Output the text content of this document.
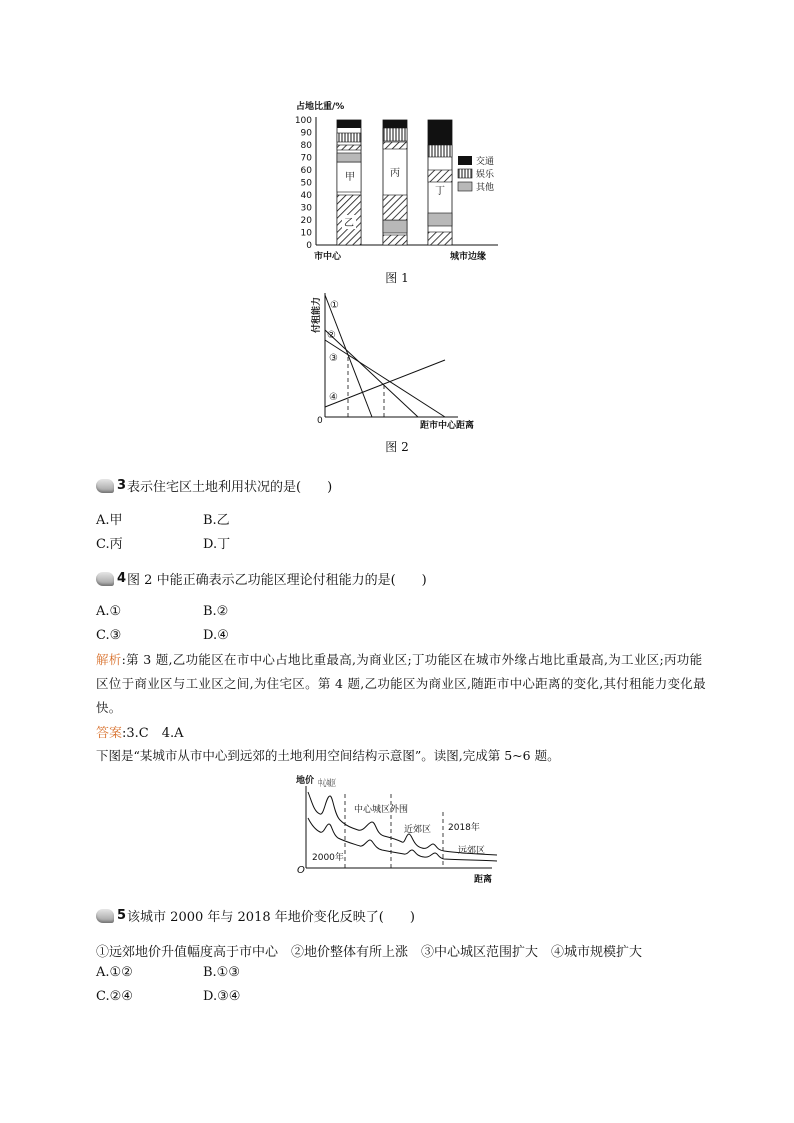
占地比重/%
100
90
80
70
60
50
40
30
20
10
0
甲
乙
丙
丁
交通
娱乐
其他
市中心	城市边缘
图 1
付租能力
0
①
②
③
④
距市中心距离
图 2
3 表示住宅区土地利用状况的是(　　)
A.甲	B.乙
C.丙	D.丁
4 图 2 中能正确表示乙功能区理论付租能力的是(　　)
A.①	B.②
C.③	D.④
解析:第 3 题,乙功能区在市中心占地比重最高,为商业区;丁功能区在城市外缘占地比重最高,为工业区;丙功能区位于商业区与工业区之间,为住宅区。第 4 题,乙功能区为商业区,随距市中心距离的变化,其付租能力变化最快。
答案:3.C　4.A
下图是“某城市从市中心到远郊的土地利用空间结构示意图”。读图,完成第 5~6 题。
地价
O
距离
中心城区
中心城区外围
近郊区 2018年
远郊区
2000年
5 该城市 2000 年与 2018 年地价变化反映了(　　)
①远郊地价升值幅度高于市中心　②地价整体有所上涨　③中心城区范围扩大　④城市规模扩大
A.①②	B.①③
C.②④	D.③④
